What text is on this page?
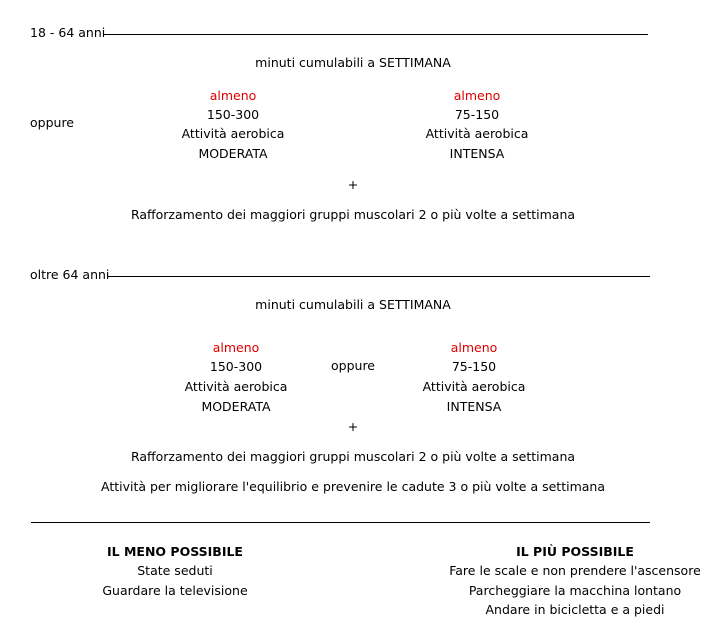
18 - 64 anni
minuti cumulabili a SETTIMANA
oppure
almeno
150-300
Attività aerobica
MODERATA
almeno
75-150
Attività aerobica
INTENSA
+
Rafforzamento dei maggiori gruppi muscolari 2 o più volte a settimana
oltre 64 anni
minuti cumulabili a SETTIMANA
almeno
150-300
Attività aerobica
MODERATA
oppure
almeno
75-150
Attività aerobica
INTENSA
+
Rafforzamento dei maggiori gruppi muscolari 2 o più volte a settimana
Attività per migliorare l'equilibrio e prevenire le cadute 3 o più volte a settimana
IL MENO POSSIBILE
State seduti
Guardare la televisione
IL PIÙ POSSIBILE
Fare le scale e non prendere l'ascensore
Parcheggiare la macchina lontano
Andare in bicicletta e a piedi
